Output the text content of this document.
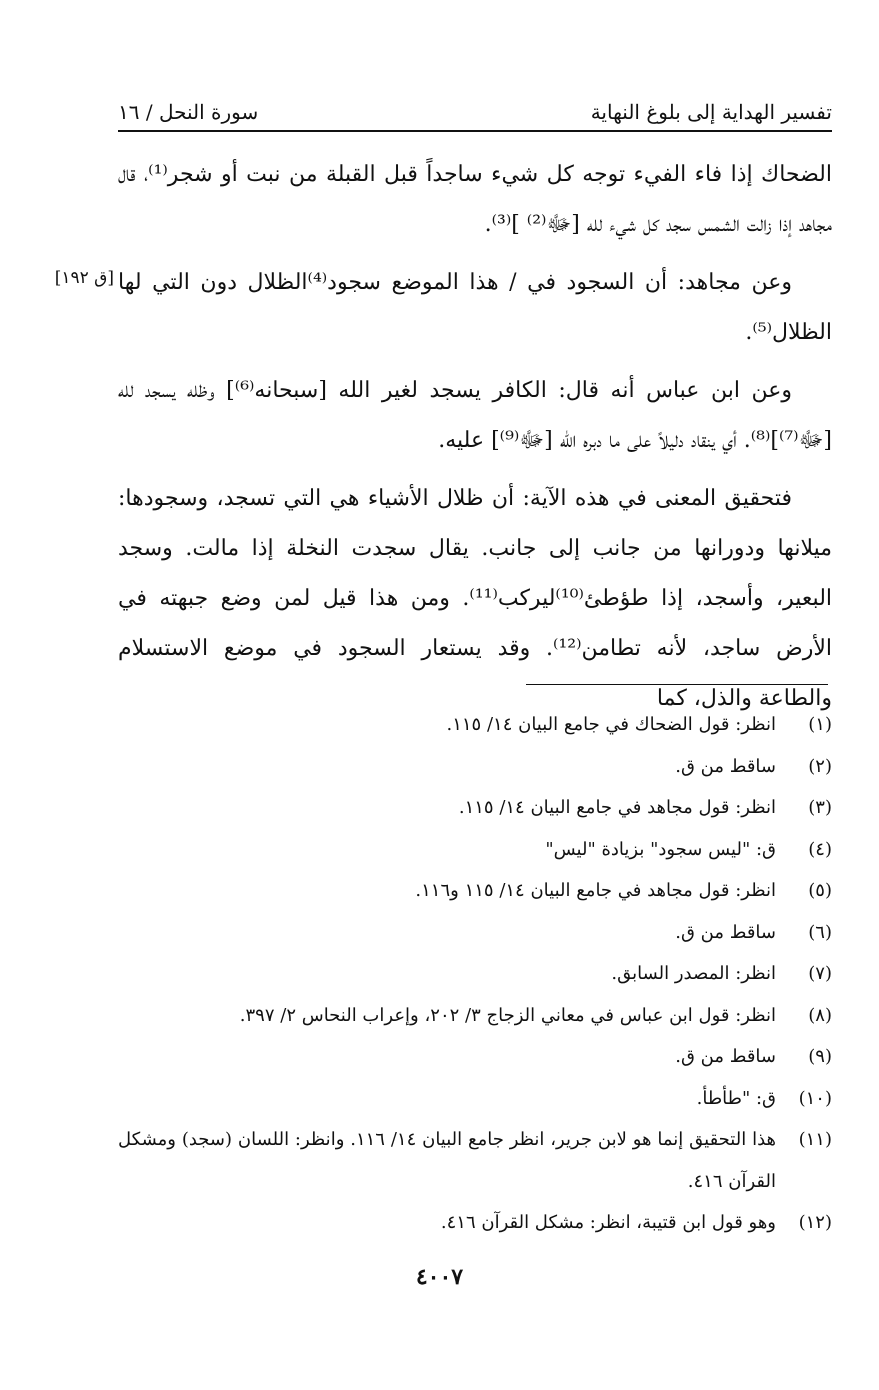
تفسير الهداية إلى بلوغ النهاية
سورة النحل / ١٦
[ق ١٩٢]

الضحاك إذا فاء الفيء توجه كل شيء ساجداً قبل القبلة من نبت أو شجر⁽¹⁾، قال مجاهد إذا زالت الشمس سجد كل شيء لله [ﷻ⁽²⁾ ]⁽³⁾.

وعن مجاهد: أن السجود في / هذا الموضع سجود⁽⁴⁾الظلال دون التي لها الظلال⁽⁵⁾.

وعن ابن عباس أنه قال: الكافر يسجد لغير الله [سبحانه⁽⁶⁾] وظله يسجد لله [ﷻ⁽⁷⁾]⁽⁸⁾. أي ينقاد دليلاً على ما دبره الله [ﷻ⁽⁹⁾] عليه.

فتحقيق المعنى في هذه الآية: أن ظلال الأشياء هي التي تسجد، وسجودها: ميلانها ودورانها من جانب إلى جانب. يقال سجدت النخلة إذا مالت. وسجد البعير، وأسجد، إذا طؤطئ⁽¹⁰⁾ليركب⁽¹¹⁾. ومن هذا قيل لمن وضع جبهته في الأرض ساجد، لأنه تطامن⁽¹²⁾. وقد يستعار السجود في موضع الاستسلام والطاعة والذل، كما

(١)
انظر: قول الضحاك في جامع البيان ١٤/ ١١٥.
(٢)
ساقط من ق.
(٣)
انظر: قول مجاهد في جامع البيان ١٤/ ١١٥.
(٤)
ق: "ليس سجود" بزيادة "ليس"
(٥)
انظر: قول مجاهد في جامع البيان ١٤/ ١١٥ و١١٦.
(٦)
ساقط من ق.
(٧)
انظر: المصدر السابق.
(٨)
انظر: قول ابن عباس في معاني الزجاج ٣/ ٢٠٢، وإعراب النحاس ٢/ ٣٩٧.
(٩)
ساقط من ق.
(١٠)
ق: "طأطأ.
(١١)
هذا التحقيق إنما هو لابن جرير، انظر جامع البيان ١٤/ ١١٦. وانظر: اللسان (سجد) ومشكل القرآن ٤١٦.
(١٢)
وهو قول ابن قتيبة، انظر: مشكل القرآن ٤١٦.
٤٠٠٧
